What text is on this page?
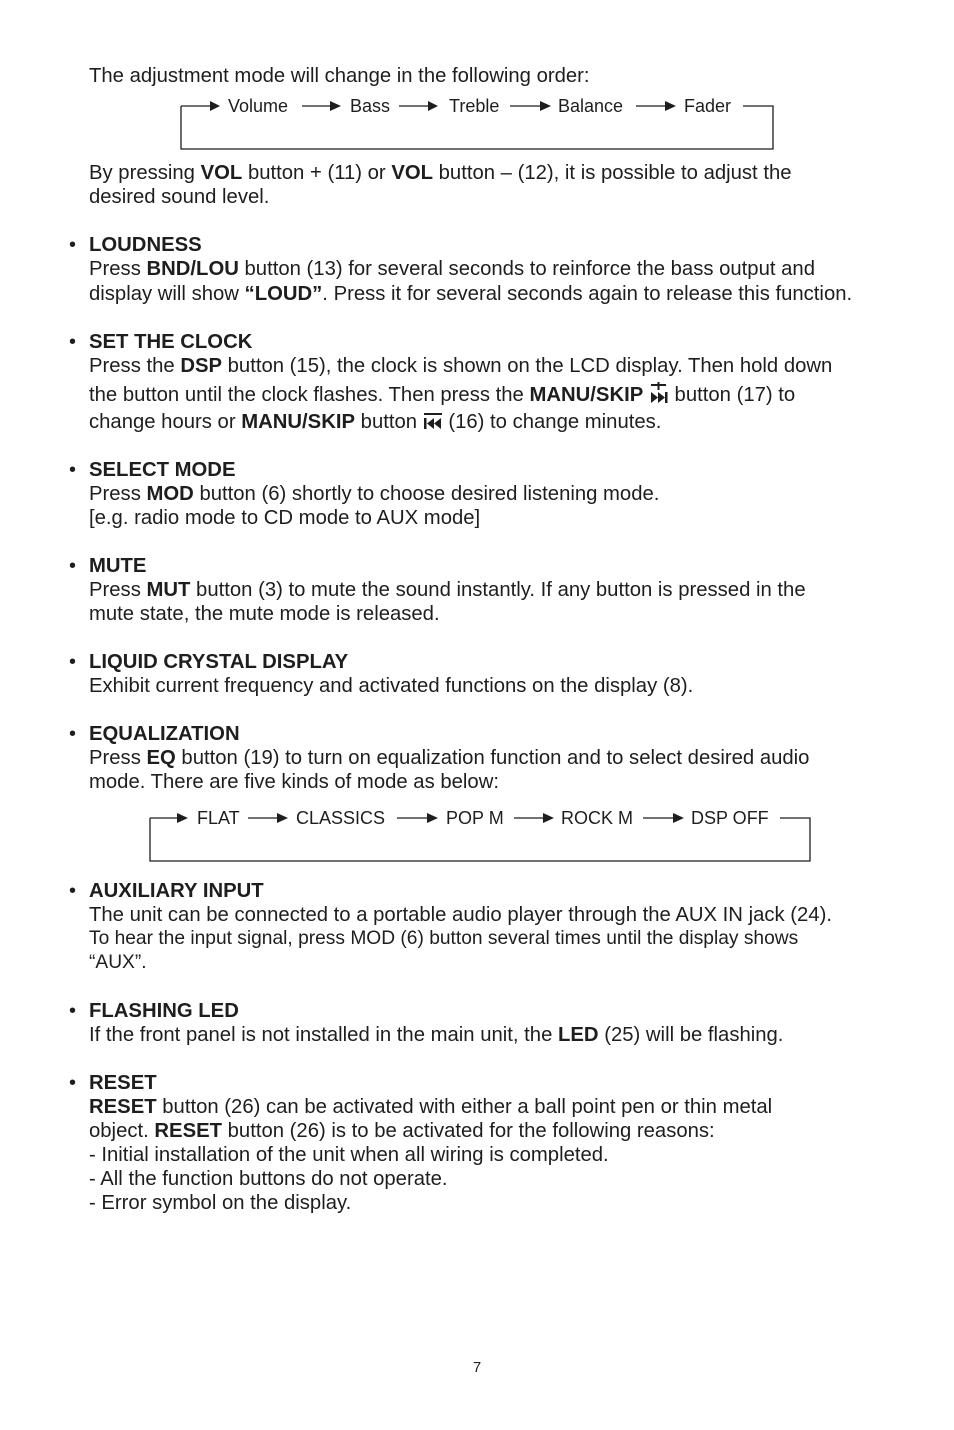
The adjustment mode will change in the following order:

Volume	Bass	Treble	Balance	Fader

By pressing VOL button + (11) or VOL button – (12), it is possible to adjust the

desired sound level.

• LOUDNESS

Press BND/LOU button (13) for several seconds to reinforce the bass output and

display will show “LOUD”. Press it for several seconds again to release this function.

• SET THE CLOCK

Press the DSP button (15), the clock is shown on the LCD display. Then hold down

the button until the clock flashes. Then press the MANU/SKIP  button (17) to

change hours or MANU/SKIP button  (16) to change minutes.

• SELECT MODE

Press MOD button (6) shortly to choose desired listening mode.

[e.g. radio mode to CD mode to AUX mode]

• MUTE

Press MUT button (3) to mute the sound instantly. If any button is pressed in the

mute state, the mute mode is released.

• LIQUID CRYSTAL DISPLAY

Exhibit current frequency and activated functions on the display (8).

• EQUALIZATION

Press EQ button (19) to turn on equalization function and to select desired audio

mode. There are five kinds of mode as below:

FLAT	CLASSICS	POP M	ROCK M	DSP OFF
• AUXILIARY INPUT

The unit can be connected to a portable audio player through the AUX IN jack (24).

To hear the input signal, press MOD (6) button several times until the display shows

“AUX”.

• FLASHING LED

If the front panel is not installed in the main unit, the LED (25) will be flashing.

• RESET

RESET button (26) can be activated with either a ball point pen or thin metal

object. RESET button (26) is to be activated for the following reasons:

- Initial installation of the unit when all wiring is completed.

- All the function buttons do not operate.

- Error symbol on the display.

7
